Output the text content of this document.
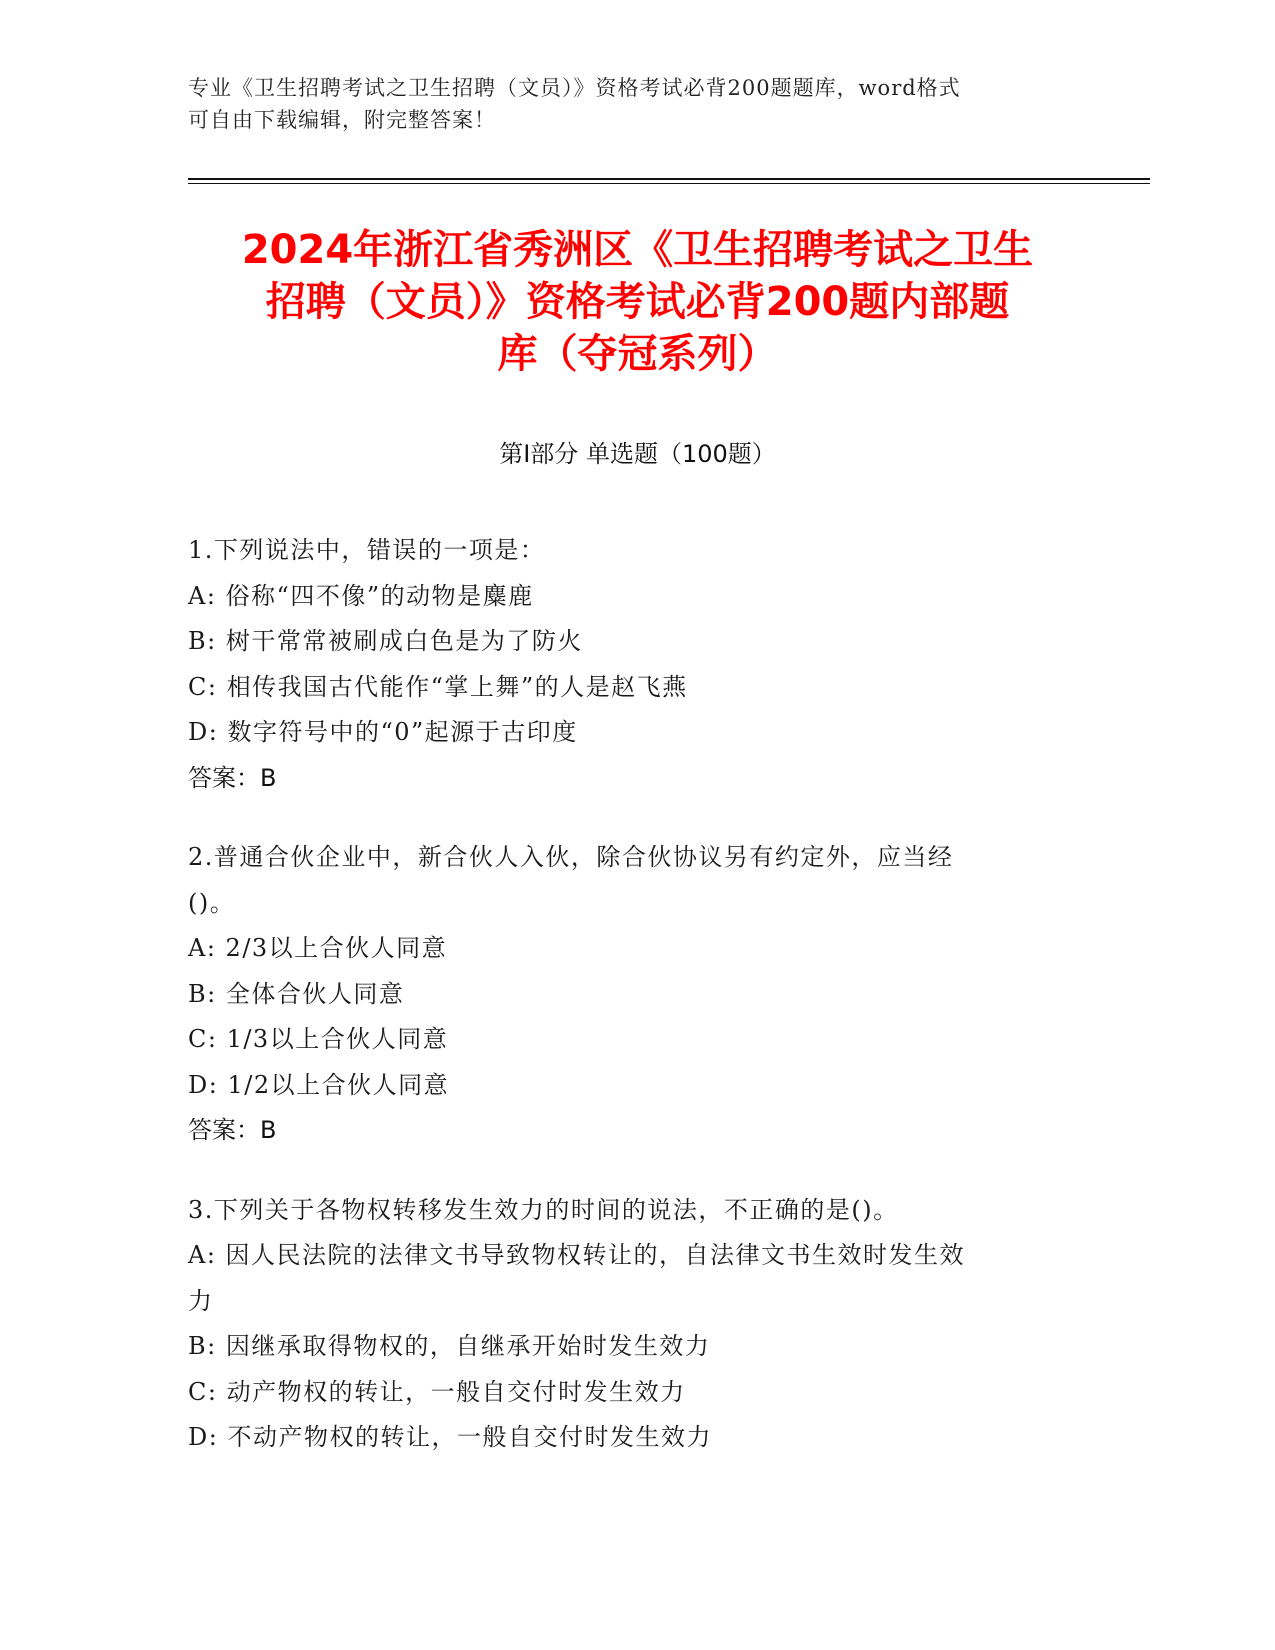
专业《卫生招聘考试之卫生招聘（文员）》资格考试必背200题题库，word格式
可自由下载编辑，附完整答案！
2024年浙江省秀洲区《卫生招聘考试之卫生
招聘（文员）》资格考试必背200题内部题
库（夺冠系列）
第Ⅰ部分 单选题（100题）
1.下列说法中，错误的一项是：
A: 俗称“四不像”的动物是麋鹿
B: 树干常常被刷成白色是为了防火
C: 相传我国古代能作“掌上舞”的人是赵飞燕
D: 数字符号中的“0”起源于古印度
答案：B
2.普通合伙企业中，新合伙人入伙，除合伙协议另有约定外，应当经
()。
A: 2/3以上合伙人同意
B: 全体合伙人同意
C: 1/3以上合伙人同意
D: 1/2以上合伙人同意
答案：B
3.下列关于各物权转移发生效力的时间的说法，不正确的是()。
A: 因人民法院的法律文书导致物权转让的，自法律文书生效时发生效
力
B: 因继承取得物权的，自继承开始时发生效力
C: 动产物权的转让，一般自交付时发生效力
D: 不动产物权的转让，一般自交付时发生效力
